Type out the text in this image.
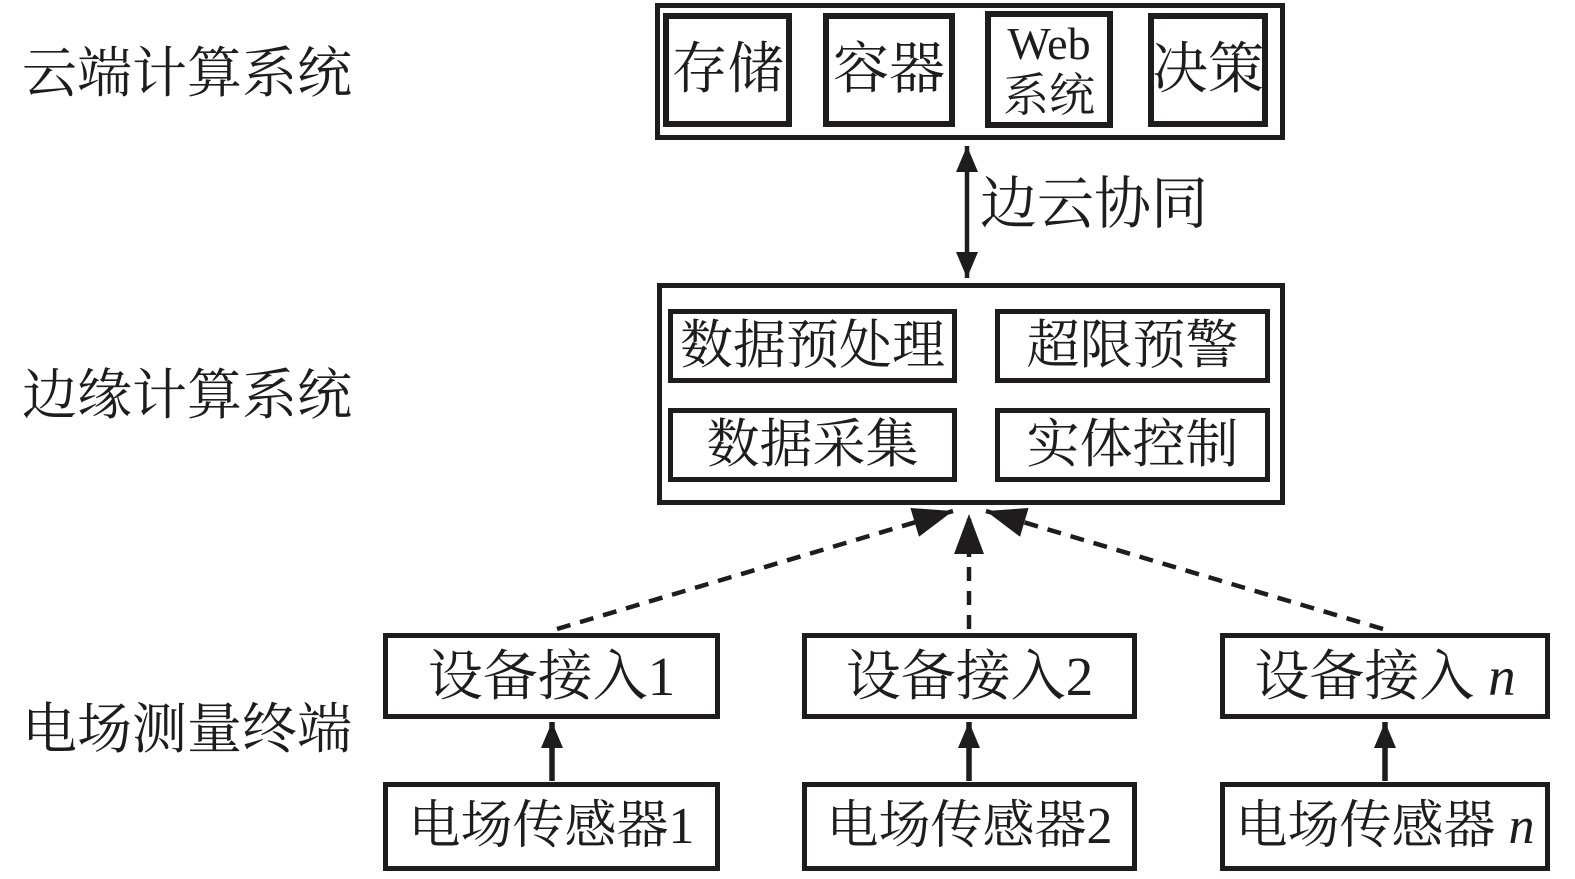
云端计算系统
边缘计算系统
电场测量终端
存储 容器 Web
系统 决策
边云协同
数据预处理	超限预警
数据采集	实体控制
设备接入1
电场传感器1
设备接入2
电场传感器2
设备接入 n
电场传感器 n
